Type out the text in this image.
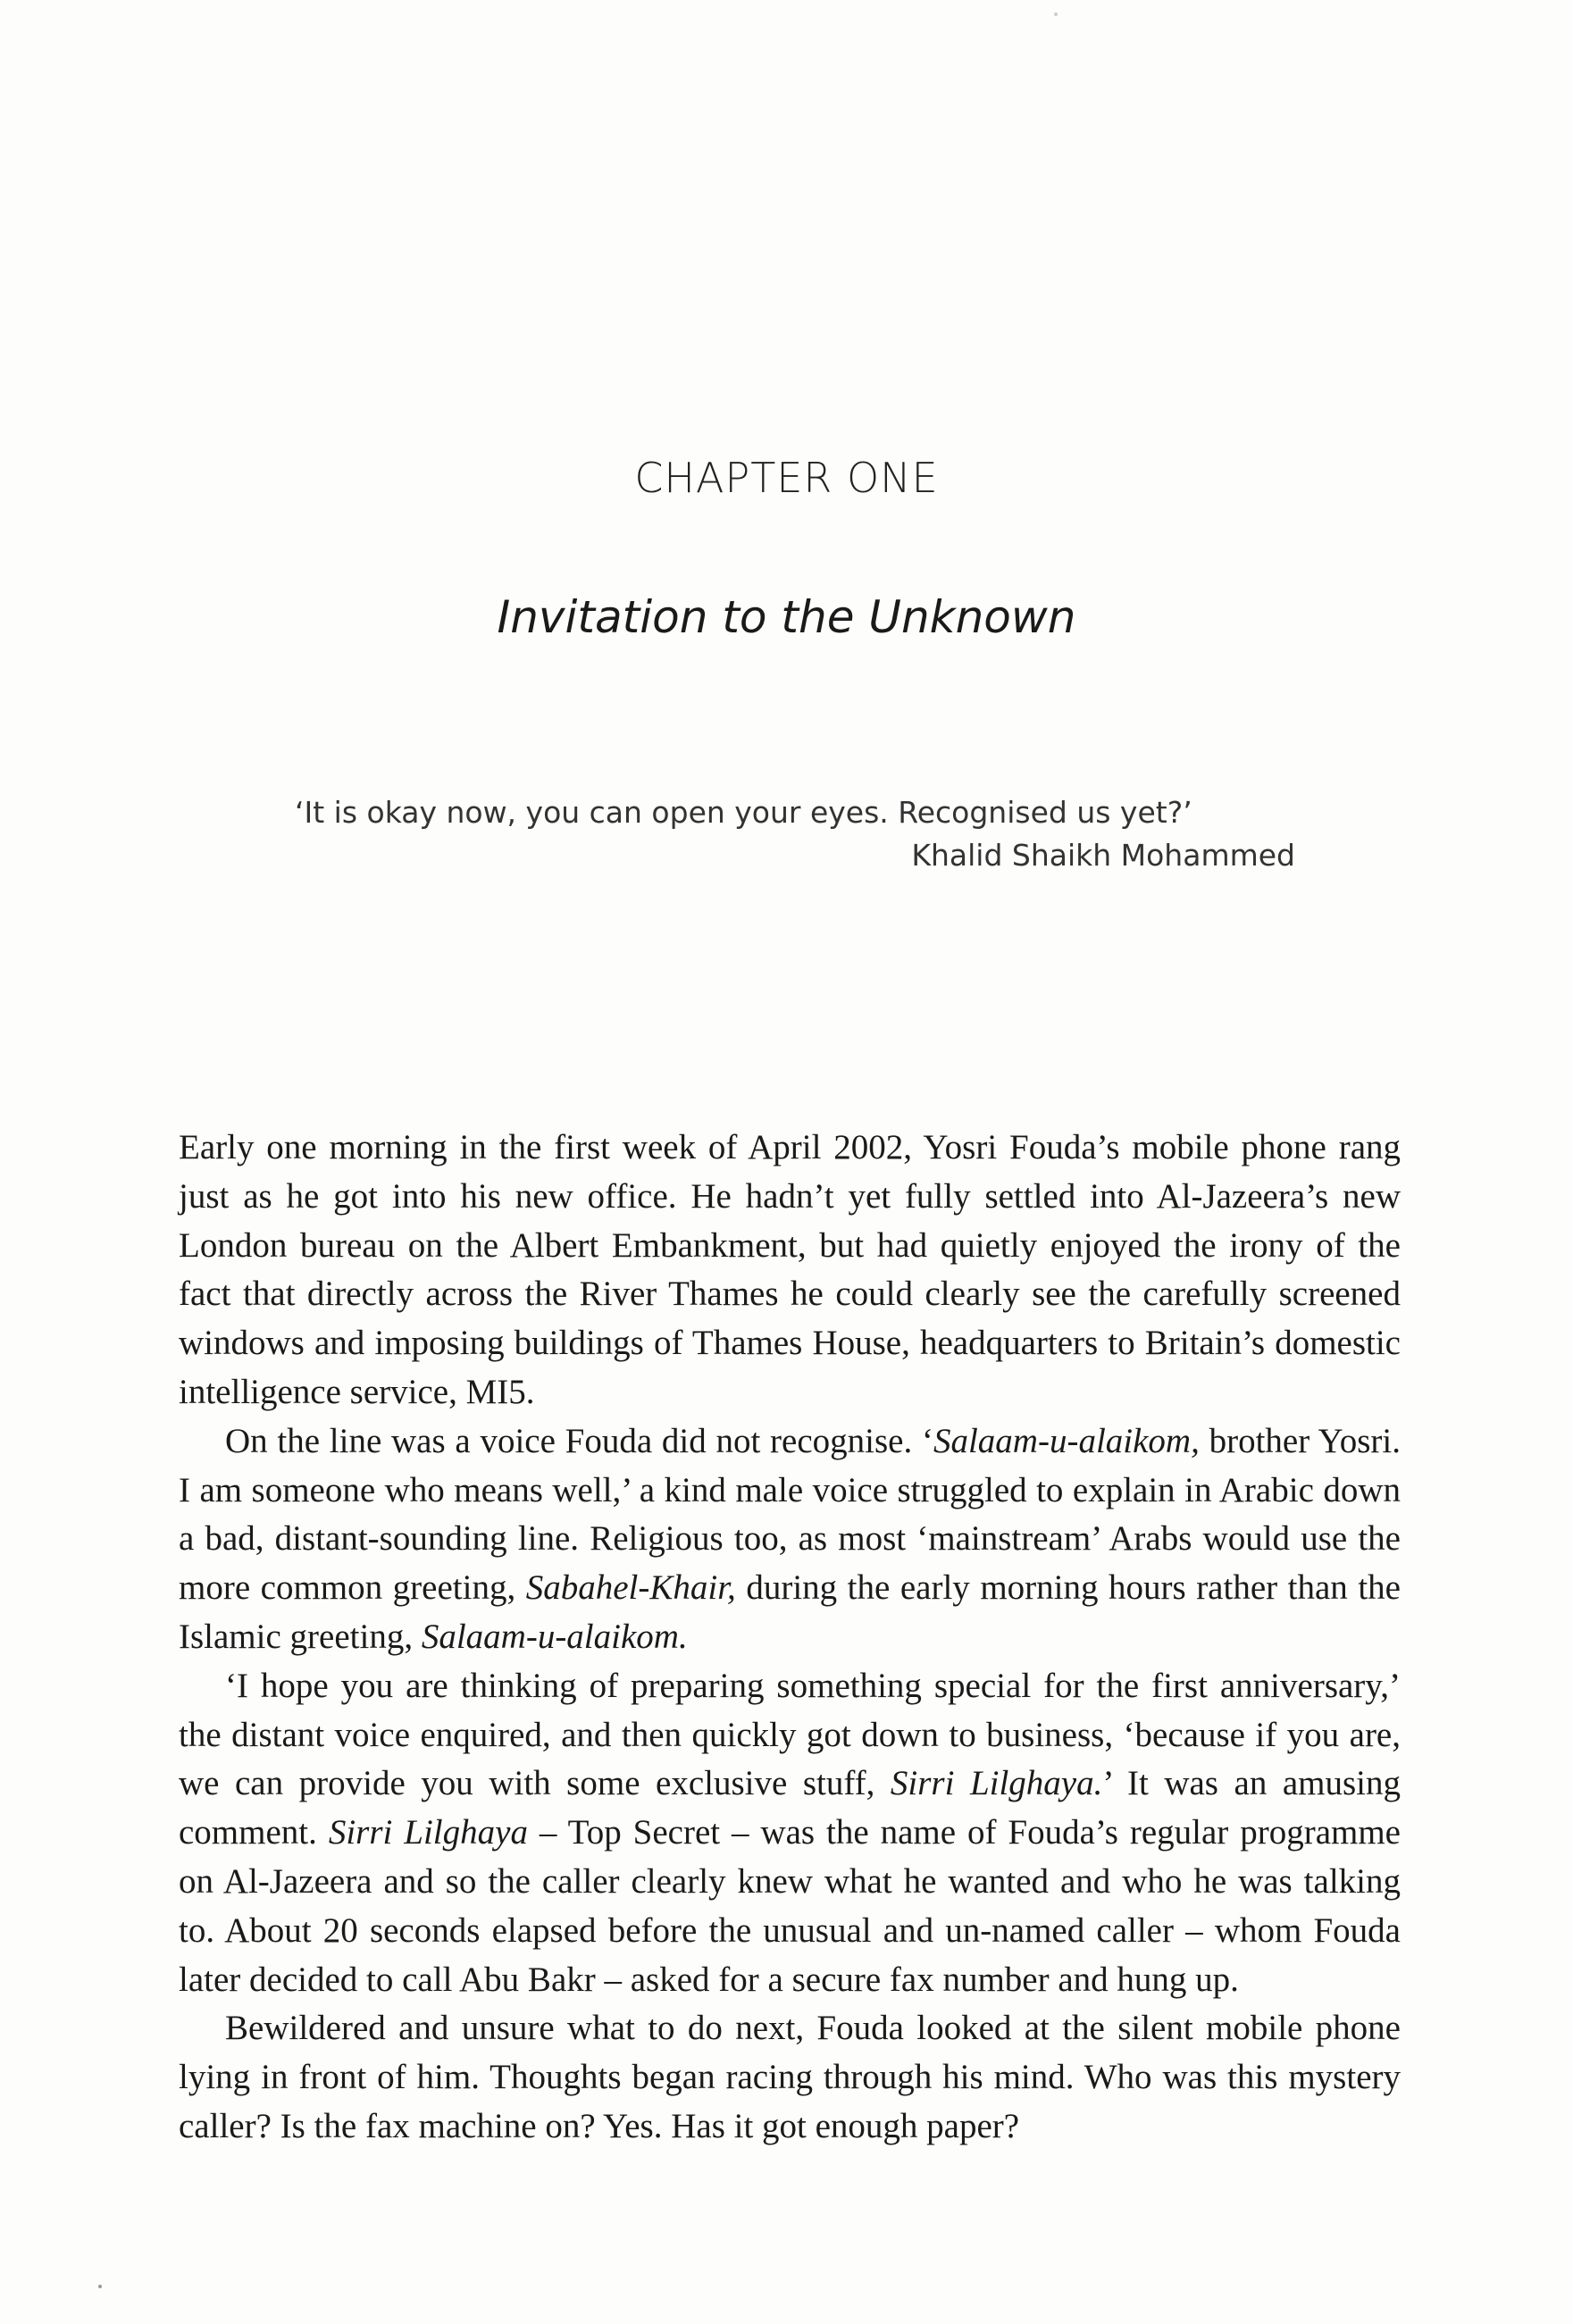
CHAPTER ONE
Invitation to the Unknown
‘It is okay now, you can open your eyes. Recognised us yet?’
Khalid Shaikh Mohammed

Early one morning in the first week of April 2002, Yosri Fouda’s mobile phone rang just as he got into his new office. He hadn’t yet fully settled into Al-Jazeera’s new London bureau on the Albert Embankment, but had quietly enjoyed the irony of the fact that directly across the River Thames he could clearly see the carefully screened windows and imposing buildings of Thames House, headquarters to Britain’s domestic intelligence service, MI5.

On the line was a voice Fouda did not recognise. ‘Salaam-u-alaikom, brother Yosri. I am someone who means well,’ a kind male voice struggled to explain in Arabic down a bad, distant-sounding line. Religious too, as most ‘mainstream’ Arabs would use the more common greeting, Sabahel-Khair, during the early morning hours rather than the Islamic greeting, Salaam-u-alaikom.

‘I hope you are thinking of preparing something special for the first anniversary,’ the distant voice enquired, and then quickly got down to business, ‘because if you are, we can provide you with some exclusive stuff, Sirri Lilghaya.’ It was an amusing comment. Sirri Lilghaya – Top Secret – was the name of Fouda’s regular programme on Al-Jazeera and so the caller clearly knew what he wanted and who he was talking to. About 20 seconds elapsed before the unusual and un-named caller – whom Fouda later decided to call Abu Bakr – asked for a secure fax number and hung up.

Bewildered and unsure what to do next, Fouda looked at the silent mobile phone lying in front of him. Thoughts began racing through his mind. Who was this mystery caller? Is the fax machine on? Yes. Has it got enough paper?
